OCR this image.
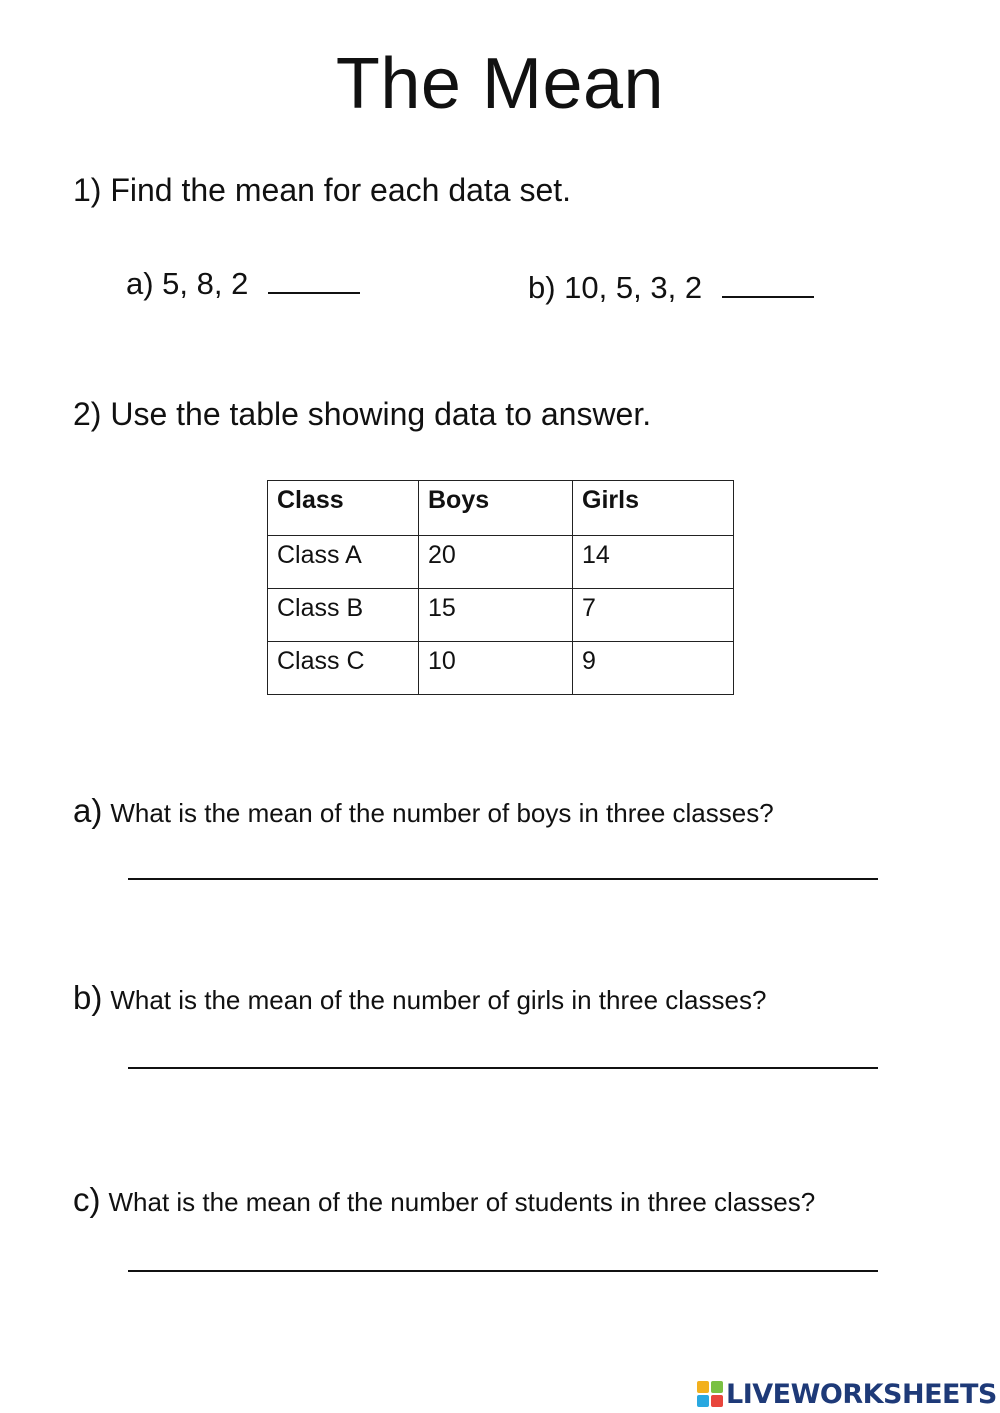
The Mean
1) Find the mean for each data set.
a) 5, 8, 2	b) 10, 5, 3, 2
2) Use the table showing data to answer.
Class	Boys	Girls
Class A	20	14
Class B	15	7
Class C	10	9
a) What is the mean of the number of boys in three classes?
b) What is the mean of the number of girls in three classes?
c) What is the mean of the number of students in three classes?
LIVEWORKSHEETS
